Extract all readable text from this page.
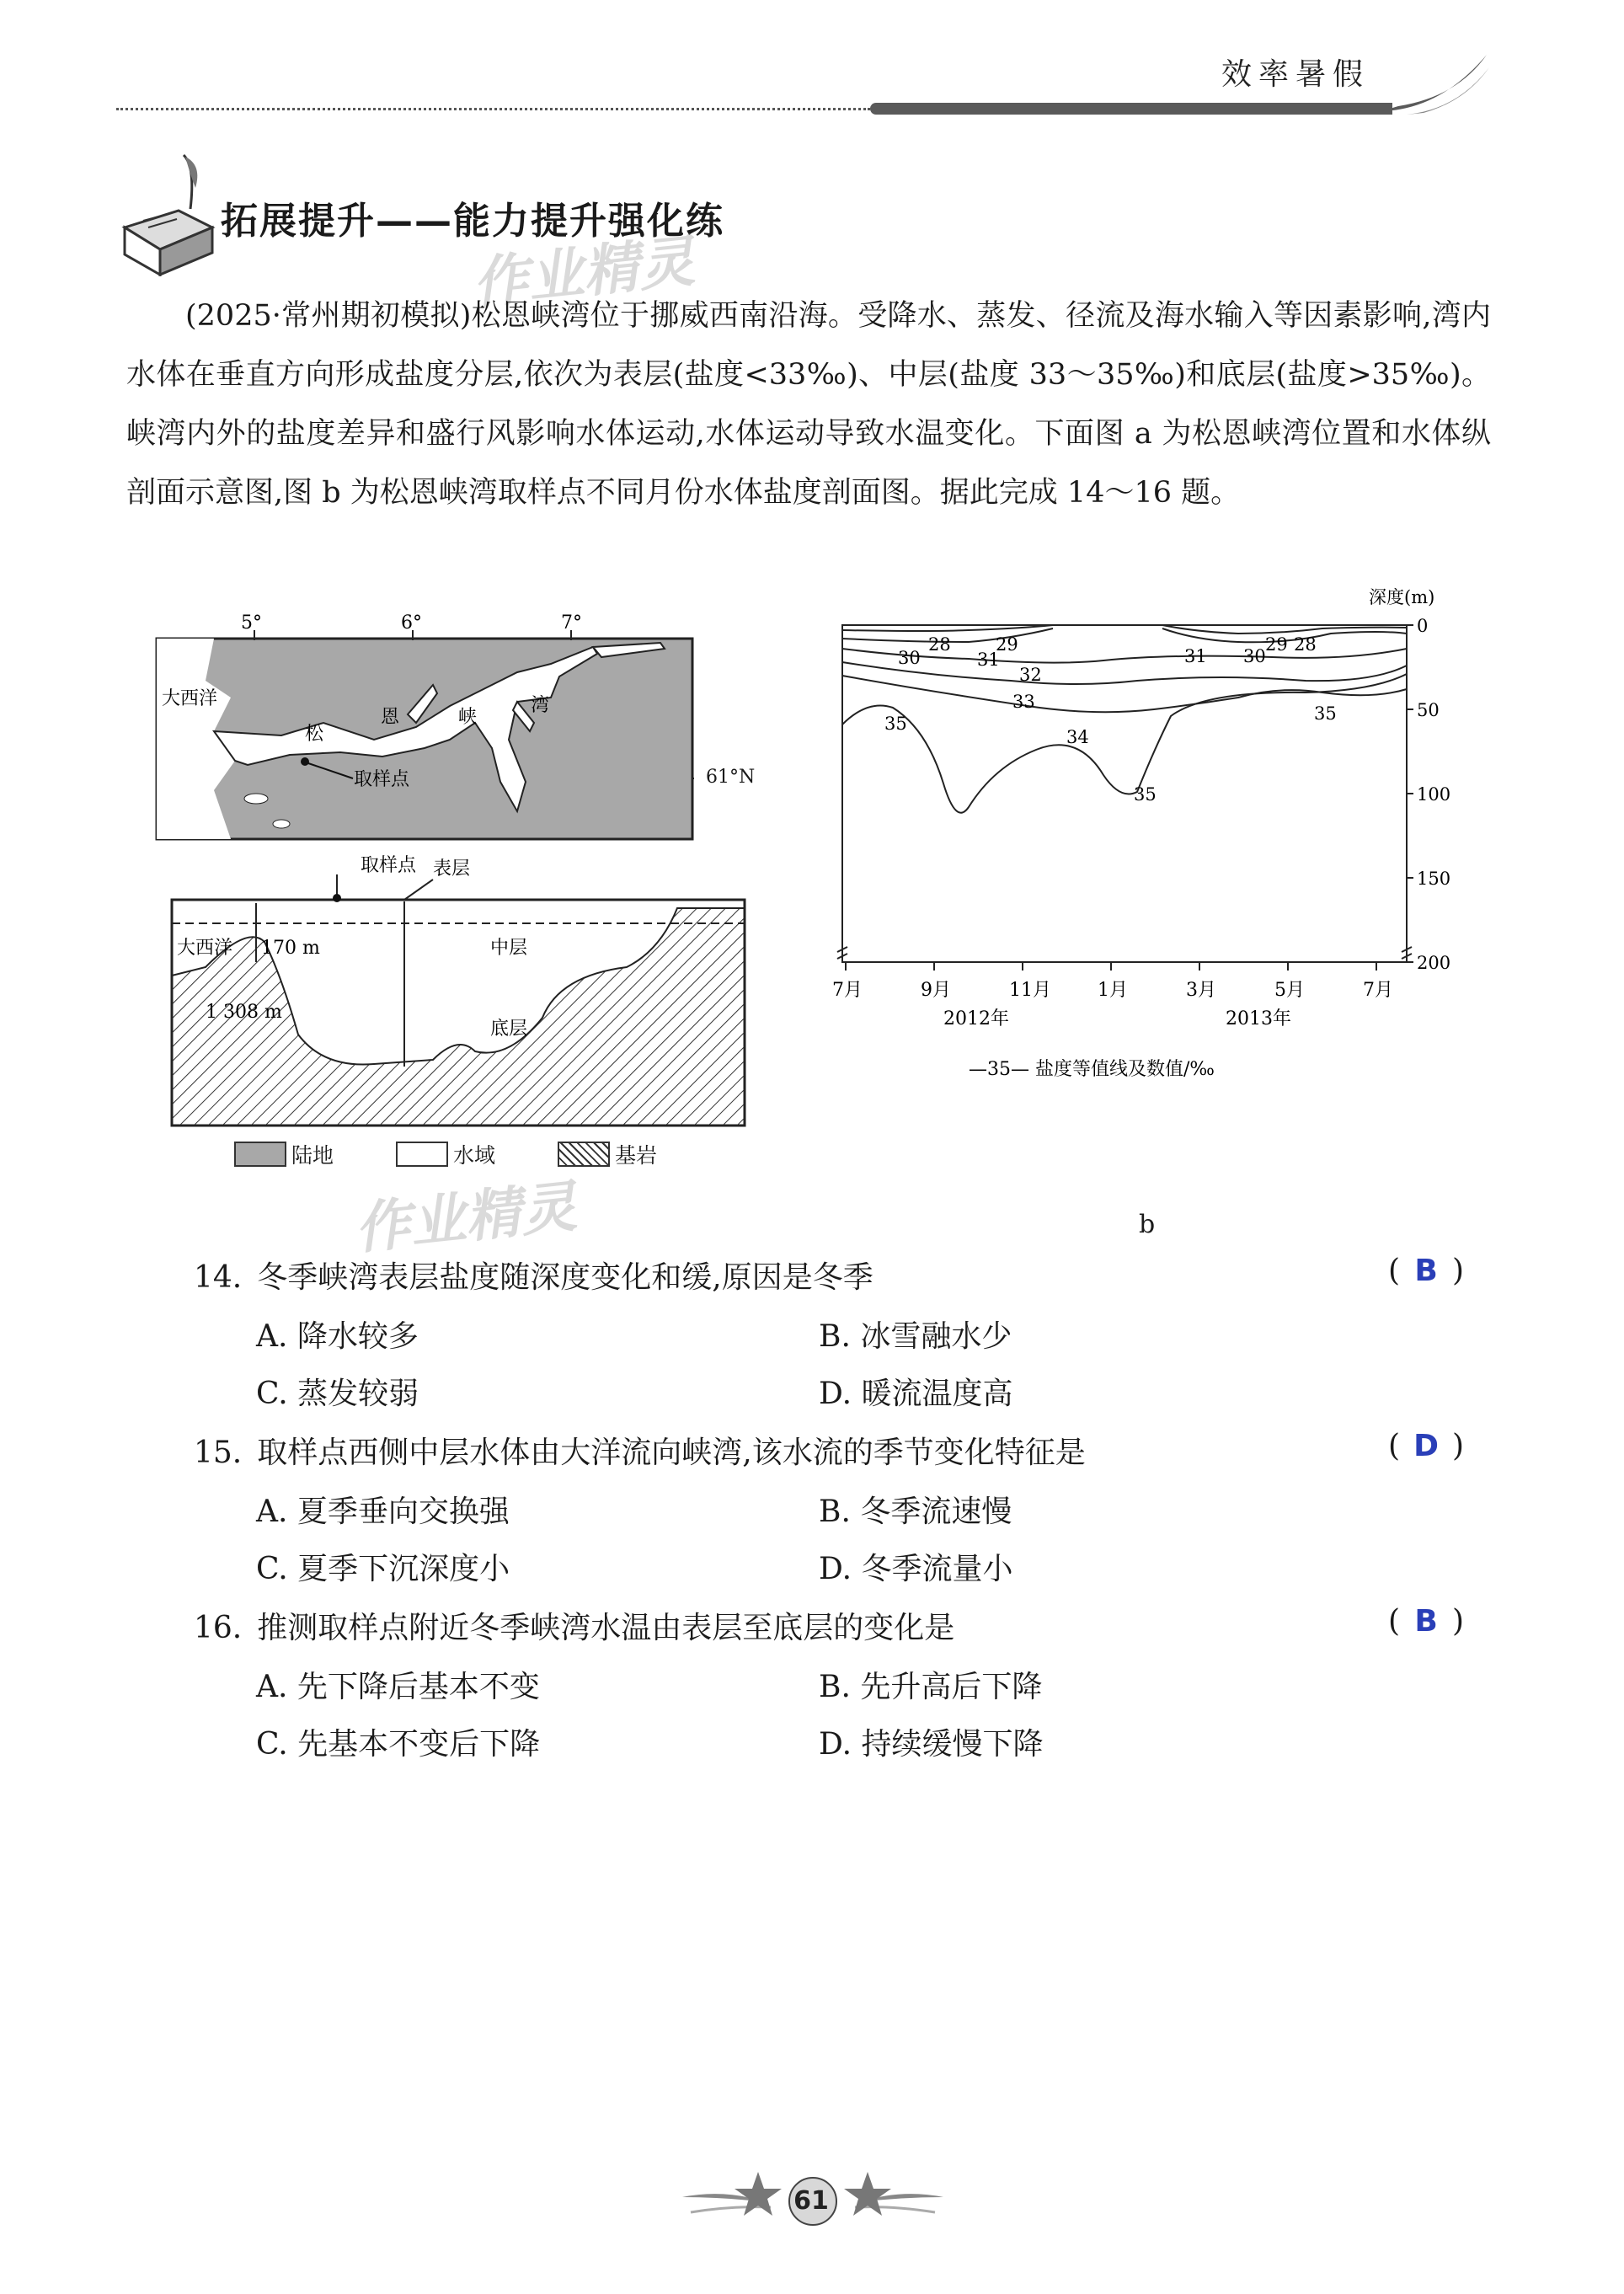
效率暑假
拓展提升——能力提升强化练
作业精灵
(2025·常州期初模拟)松恩峡湾位于挪威西南沿海。受降水、蒸发、径流及海水输入等因素影响,湾内水体在垂直方向形成盐度分层,依次为表层(盐度<33‰)、中层(盐度 33～35‰)和底层(盐度>35‰)。峡湾内外的盐度差异和盛行风影响水体运动,水体运动导致水温变化。下面图 a 为松恩峡湾位置和水体纵剖面示意图,图 b 为松恩峡湾取样点不同月份水体盐度剖面图。据此完成 14～16 题。
5°	6°	7°
大西洋
松
恩	峡
湾
取样点	61°N
取样点 表层
大西洋 170 m	中层
1 308 m
底层
陆地	水域	基岩
作业精灵
28	29
30	31	31 30
29 28
32
33
34
35
35
35
深度(m)
0
50
100
150
200
7月	9月	11月	1月	3月	5月	7月
2012年	2013年
—35— 盐度等值线及数值/‰
b
14. 冬季峡湾表层盐度随深度变化和缓,原因是冬季	( B )
A. 降水较多	B. 冰雪融水少
C. 蒸发较弱	D. 暖流温度高
15. 取样点西侧中层水体由大洋流向峡湾,该水流的季节变化特征是	( D )
A. 夏季垂向交换强	B. 冬季流速慢
C. 夏季下沉深度小	D. 冬季流量小
16. 推测取样点附近冬季峡湾水温由表层至底层的变化是	( B )
A. 先下降后基本不变	B. 先升高后下降
C. 先基本不变后下降	D. 持续缓慢下降
61
